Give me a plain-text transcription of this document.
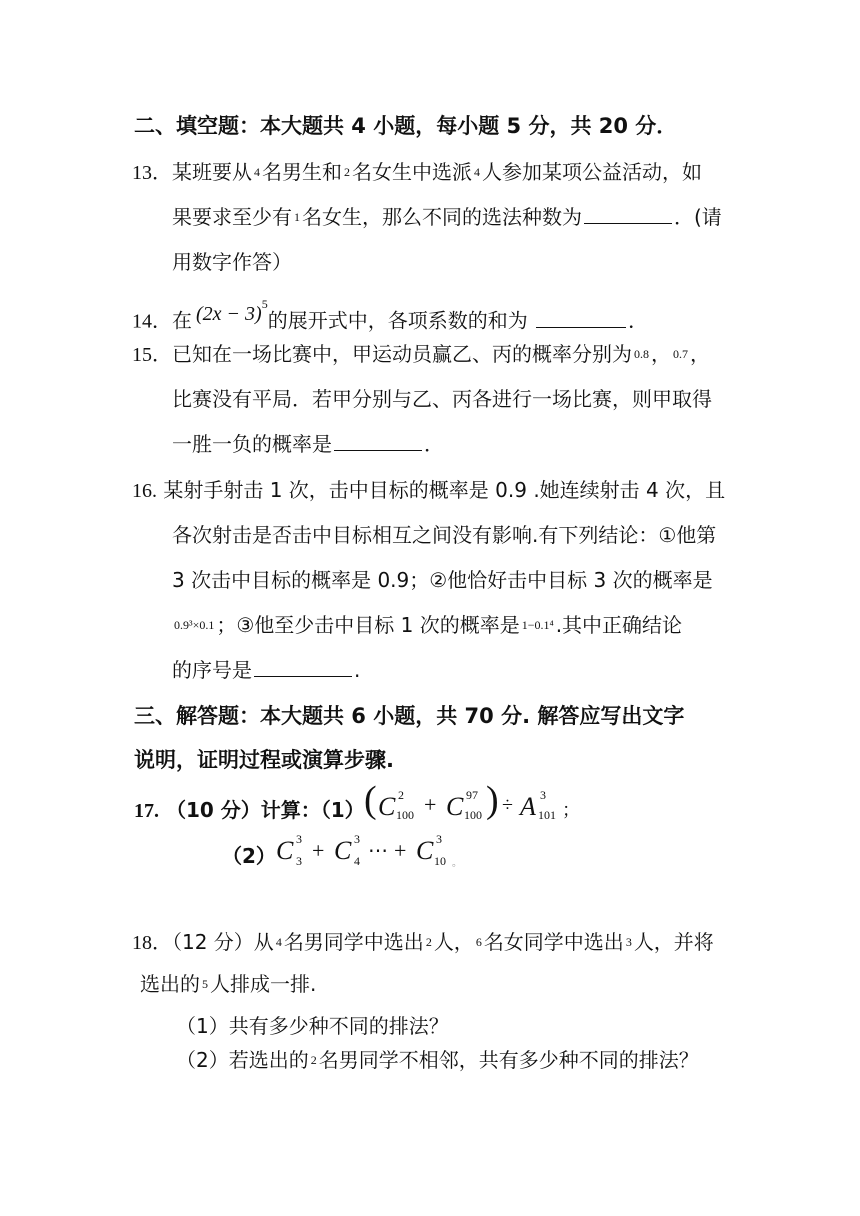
二、填空题：本大题共 4 小题，每小题 5 分，共 20 分．
13．某班要从 4 名男生和 2 名女生中选派 4 人参加某项公益活动，如
果要求至少有 1 名女生，那么不同的选法种数为	．(请
用数字作答）
14．在 $(2x - 3)^5$的展开式中，各项系数的和为	．
15．已知在一场比赛中，甲运动员赢乙、丙的概率分别为 0.8 ， 0.7 ，
比赛没有平局．若甲分别与乙、丙各进行一场比赛，则甲取得
一胜一负的概率是	．
16. 某射手射击 1 次，击中目标的概率是 0.9 .她连续射击 4 次，且
各次射击是否击中目标相互之间没有影响.有下列结论：①他第
3 次击中目标的概率是 0.9；②他恰好击中目标 3 次的概率是
0.9³×0.1 ；③他至少击中目标 1 次的概率是 1−0.1⁴ .其中正确结论
的序号是	.
三、解答题：本大题共 6 小题，共 70 分. 解答应写出文字
说明，证明过程或演算步骤.
17. （10 分）计算：（1） ( C 2
100 + C 97
100 ) ÷ A 3
101 ；
（2） C 3
3 + C 3
4 ⋯ + C 3
10 。
18．（12 分）从 4 名男同学中选出 2 人， 6 名女同学中选出 3 人，并将
选出的 5 人排成一排.
（1）共有多少种不同的排法？
（2）若选出的 2 名男同学不相邻，共有多少种不同的排法？
